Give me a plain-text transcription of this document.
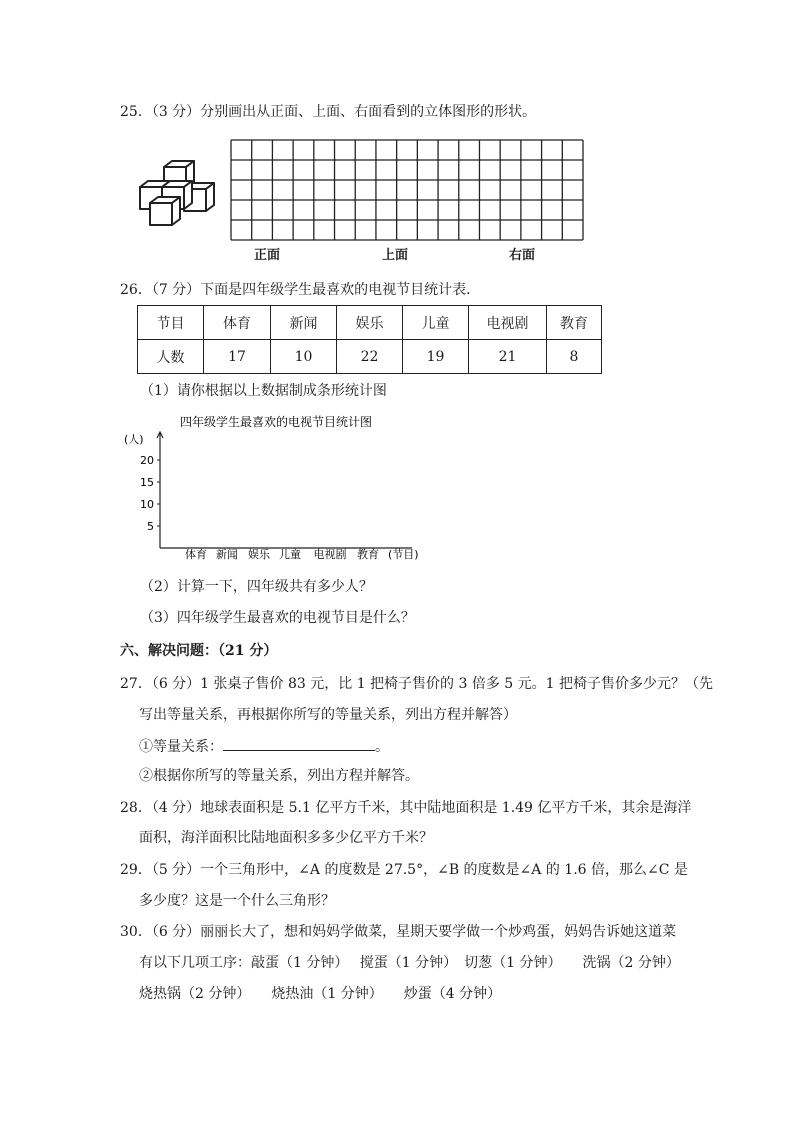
25．（3 分）分别画出从正面、上面、右面看到的立体图形的形状。
正面	上面	右面
26．（7 分）下面是四年级学生最喜欢的电视节目统计表．
节目	体育	新闻	娱乐	儿童	电视剧	教育
人数	17	10	22	19	21	8
（1）请你根据以上数据制成条形统计图
四年级学生最喜欢的电视节目统计图
(人)
5
10
15
20
体育 新闻 娱乐 儿童 电视剧 教育 (节目)
（2）计算一下，四年级共有多少人？
（3）四年级学生最喜欢的电视节目是什么？
六、解决问题：（21 分）
27．（6 分）1 张桌子售价 83 元，比 1 把椅子售价的 3 倍多 5 元。1 把椅子售价多少元？（先
写出等量关系，再根据你所写的等量关系，列出方程并解答）
①等量关系：	。
②根据你所写的等量关系，列出方程并解答。
28．（4 分）地球表面积是 5.1 亿平方千米，其中陆地面积是 1.49 亿平方千米，其余是海洋
面积，海洋面积比陆地面积多多少亿平方千米？
29．（5 分）一个三角形中，∠A 的度数是 27.5°，∠B 的度数是∠A 的 1.6 倍，那么∠C 是
多少度？这是一个什么三角形？
30．（6 分）丽丽长大了，想和妈妈学做菜，星期天要学做一个炒鸡蛋，妈妈告诉她这道菜
有以下几项工序：敲蛋（1 分钟）　 搅蛋（1 分钟）　切葱（1 分钟）　　洗锅（2 分钟）
烧热锅（2 分钟）　　烧热油（1 分钟）　　炒蛋（4 分钟）
